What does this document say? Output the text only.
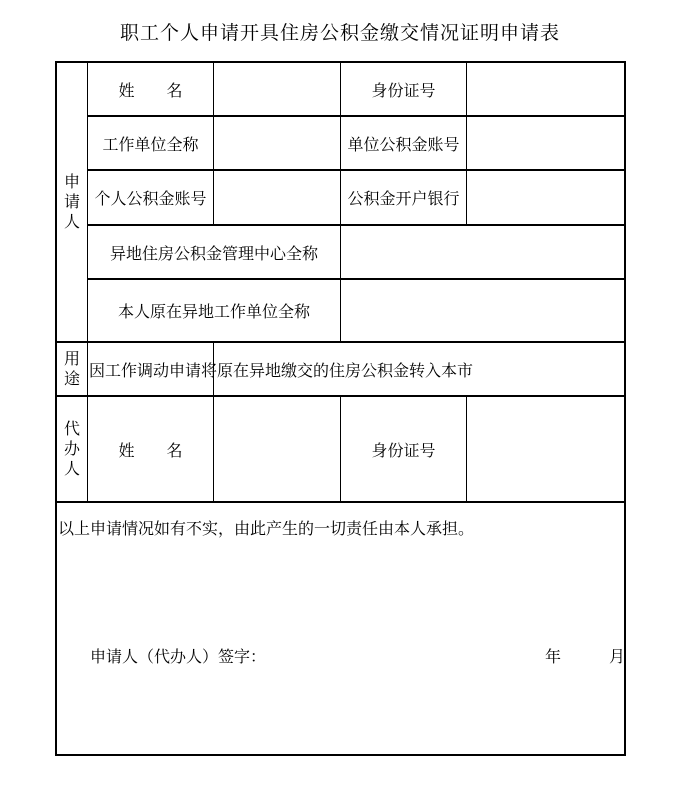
职工个人申请开具住房公积金缴交情况证明申请表
申
请
人
姓　　名	身份证号
工作单位全称	单位公积金账号
个人公积金账号	公积金开户银行
异地住房公积金管理中心全称
本人原在异地工作单位全称
用
途 因工作调动申请将原在异地缴交的住房公积金转入本市
代
办
人
姓　　名	身份证号
以上申请情况如有不实，由此产生的一切责任由本人承担。
申请人（代办人）签字：	年	月
